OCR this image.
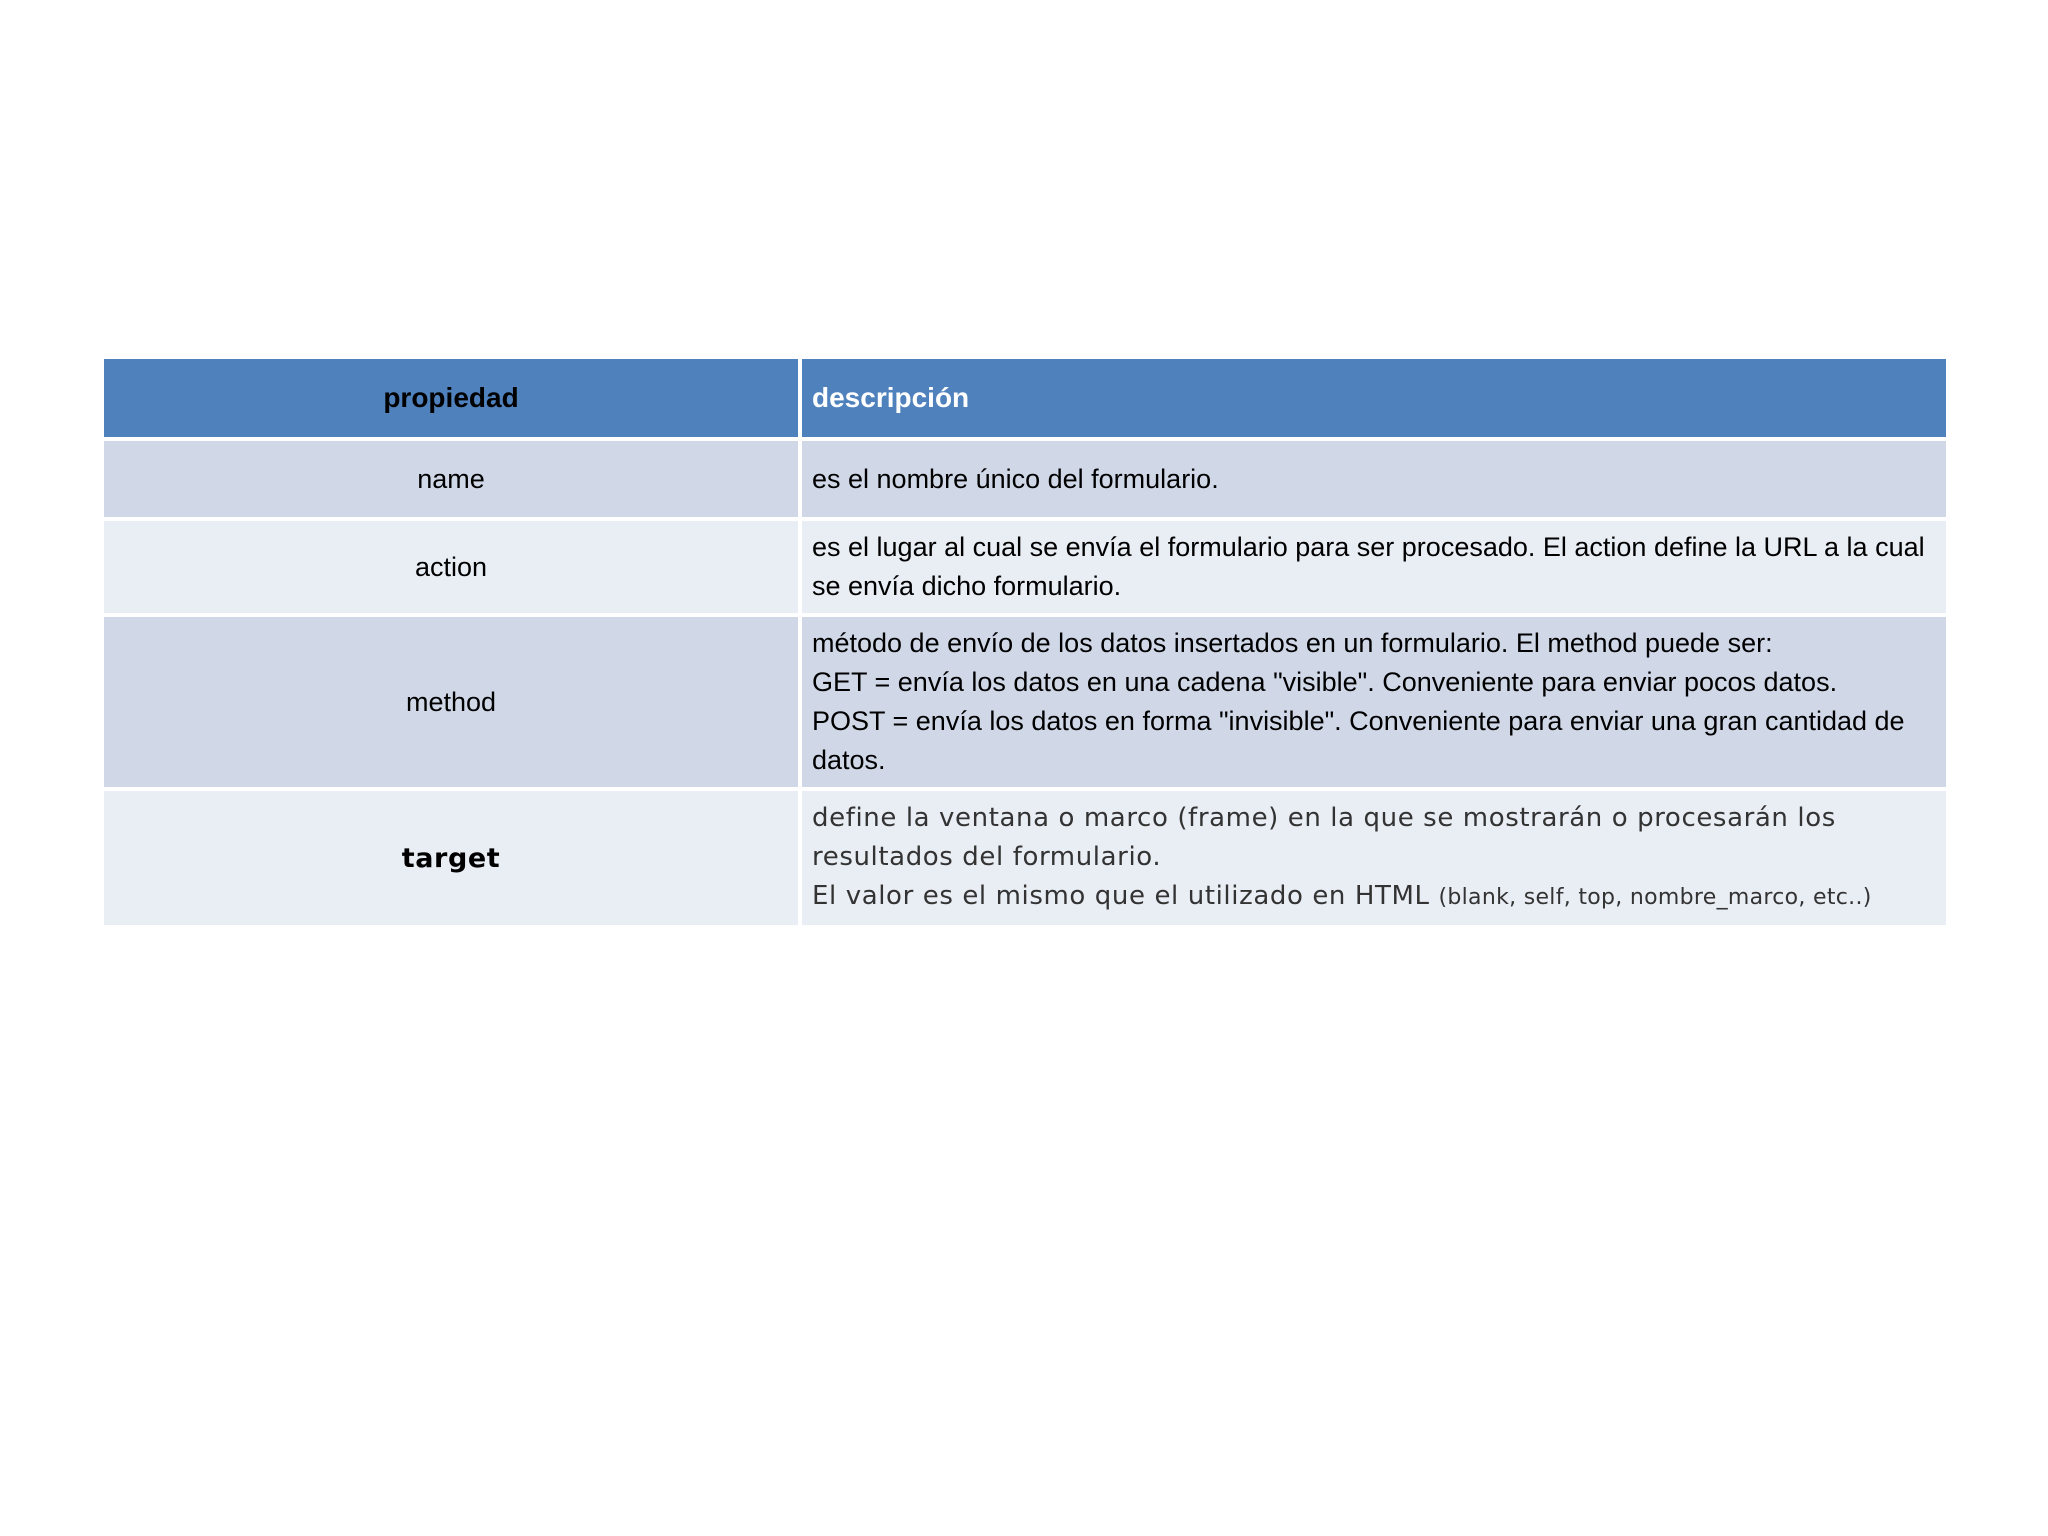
propiedad	descripción
name	es el nombre único del formulario.
action
es el lugar al cual se envía el formulario para ser procesado. El action define la URL a la cual se envía dicho formulario.
method
método de envío de los datos insertados en un formulario. El method puede ser:
GET = envía los datos en una cadena "visible". Conveniente para enviar pocos datos.
POST = envía los datos en forma "invisible". Conveniente para enviar una gran cantidad de datos.
target
define la ventana o marco (frame) en la que se mostrarán o procesarán los resultados del formulario.
El valor es el mismo que el utilizado en HTML (blank, self, top, nombre_marco, etc..)
